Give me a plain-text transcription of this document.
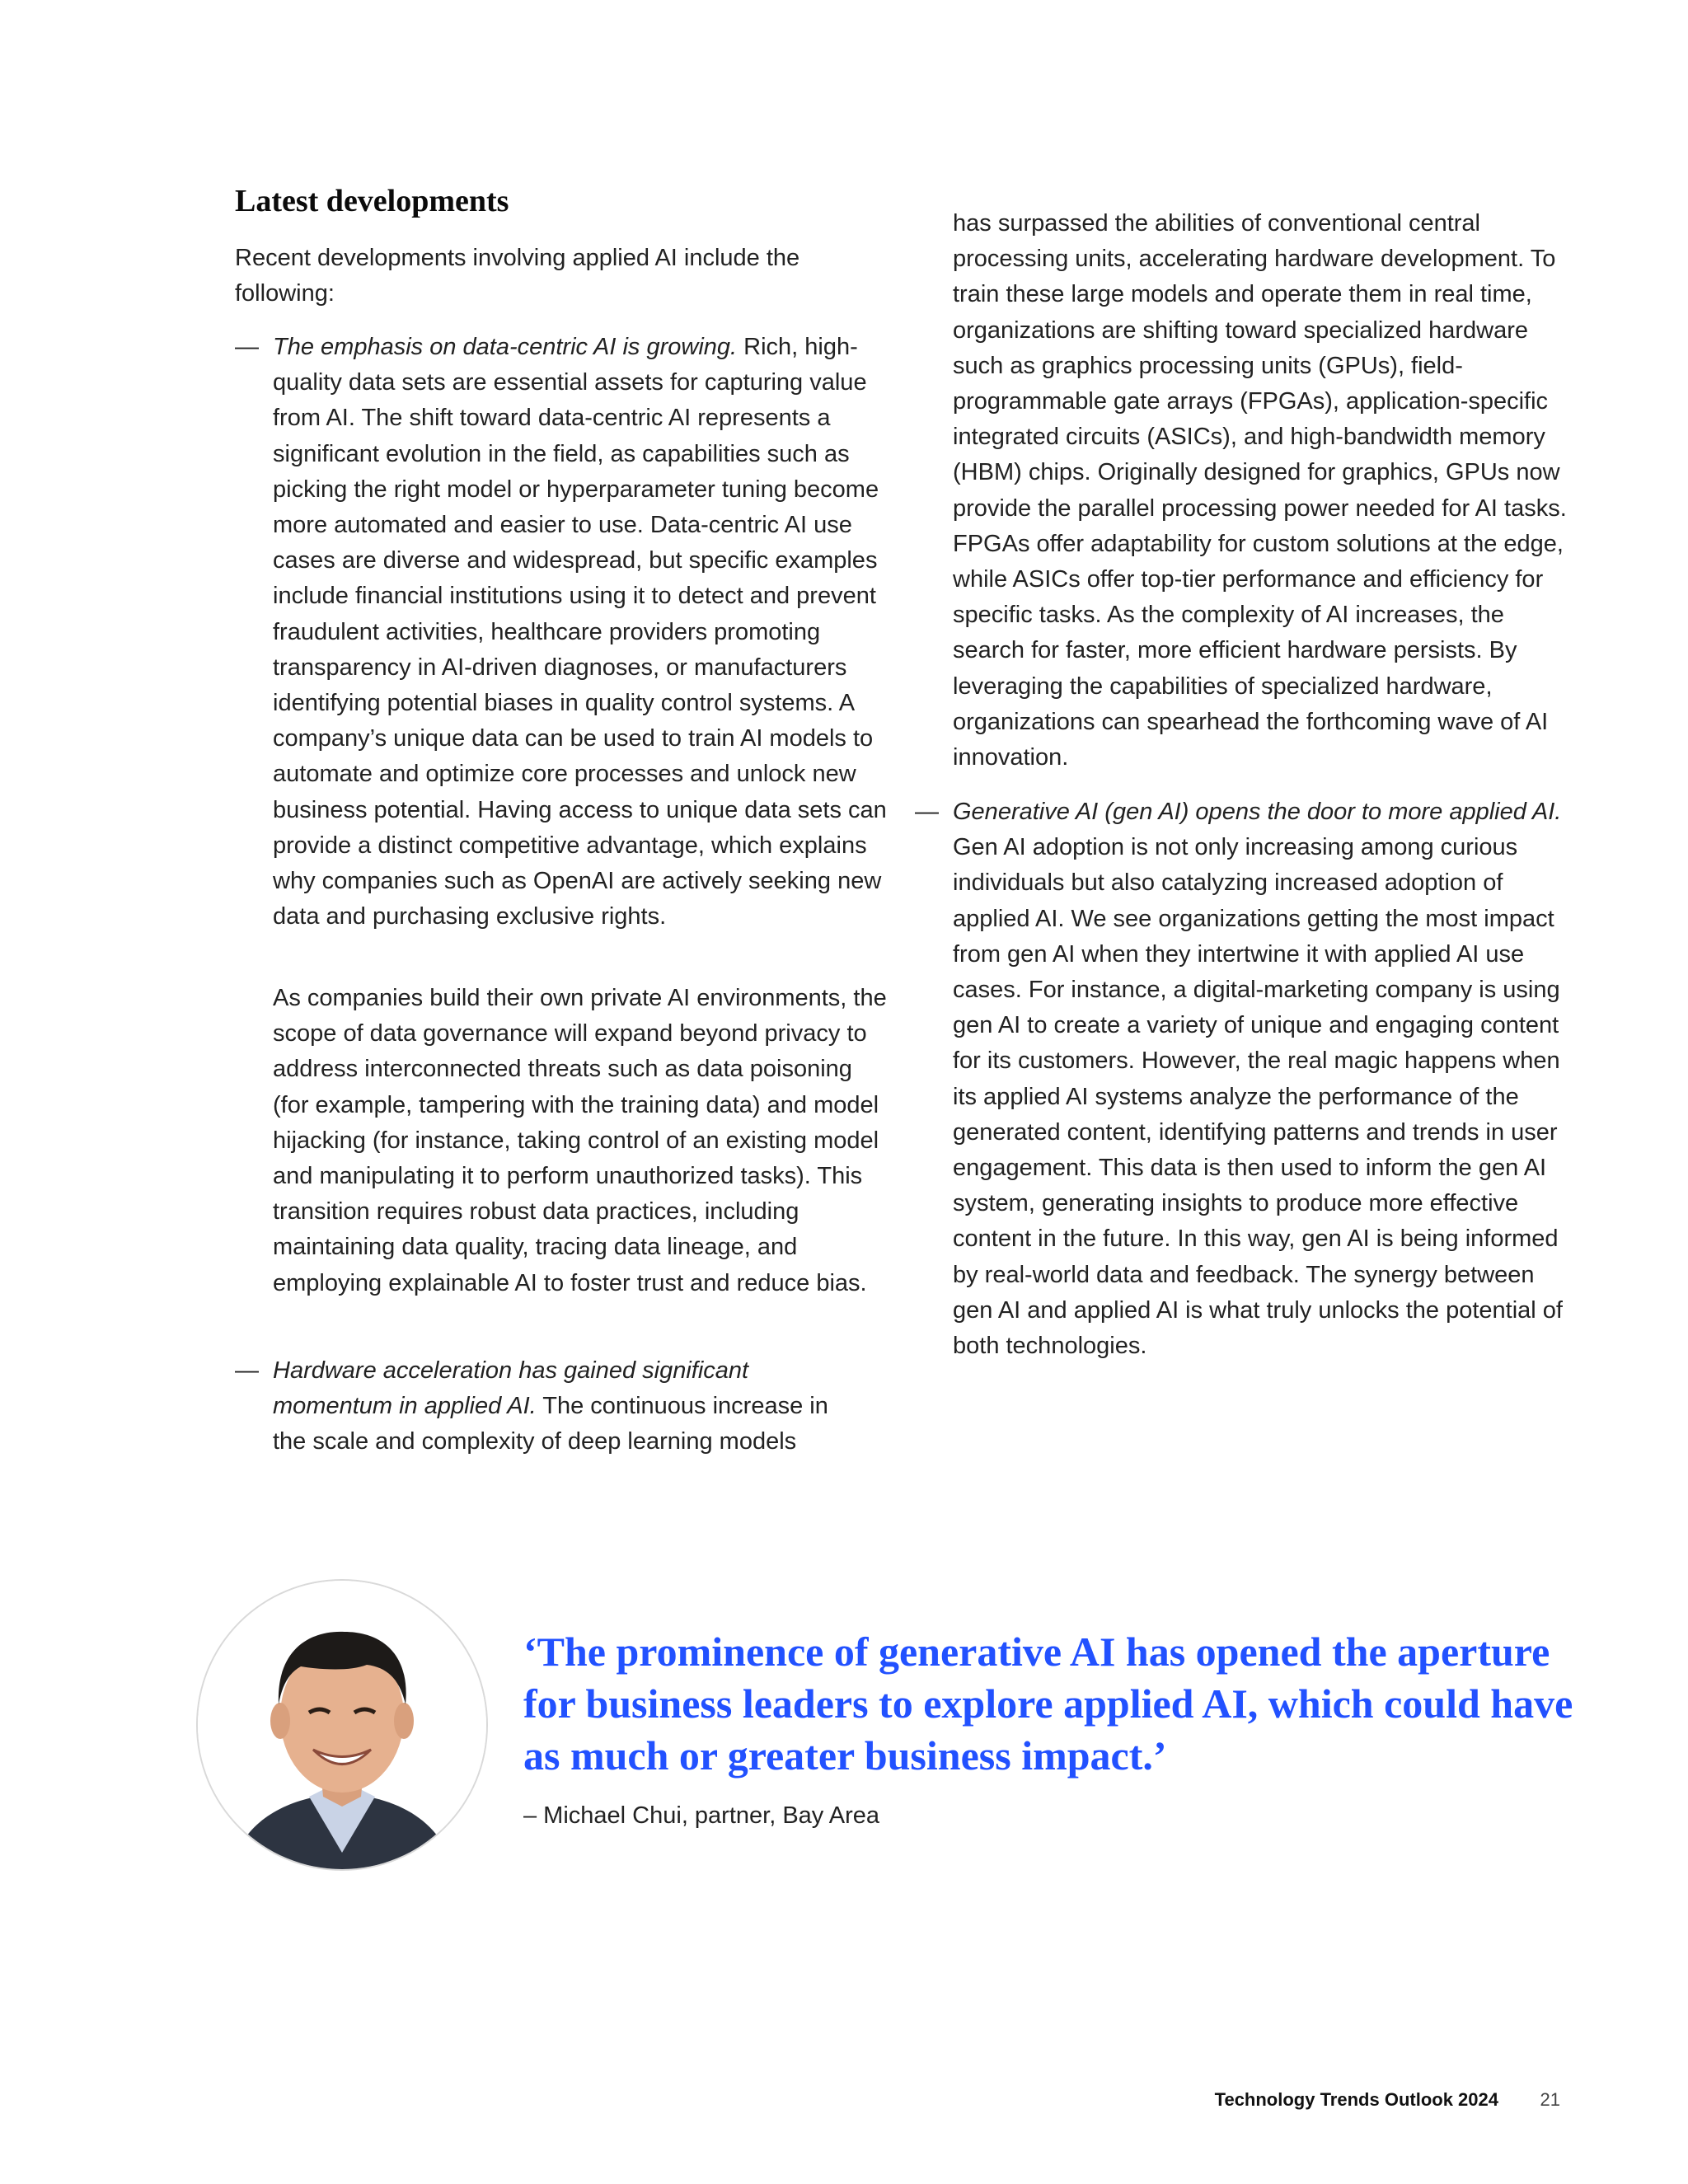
Latest developments

Recent developments involving applied AI include the following:

— The emphasis on data-centric AI is growing. Rich, high-quality data sets are essential assets for capturing value from AI. The shift toward data-centric AI represents a significant evolution in the field, as capabilities such as picking the right model or hyperparameter tuning become more automated and easier to use. Data-centric AI use cases are diverse and widespread, but specific examples include financial institutions using it to detect and prevent fraudulent activities, healthcare providers promoting transparency in AI-driven diagnoses, or manufacturers identifying potential biases in quality control systems. A company’s unique data can be used to train AI models to automate and optimize core processes and unlock new business potential. Having access to unique data sets can provide a distinct competitive advantage, which explains why companies such as OpenAI are actively seeking new data and purchasing exclusive rights.

As companies build their own private AI environments, the scope of data governance will expand beyond privacy to address interconnected threats such as data poisoning (for example, tampering with the training data) and model hijacking (for instance, taking control of an existing model and manipulating it to perform unauthorized tasks). This transition requires robust data practices, including maintaining data quality, tracing data lineage, and employing explainable AI to foster trust and reduce bias.

— Hardware acceleration has gained significant momentum in applied AI. The continuous increase in the scale and complexity of deep learning models

has surpassed the abilities of conventional central processing units, accelerating hardware development. To train these large models and operate them in real time, organizations are shifting toward specialized hardware such as graphics processing units (GPUs), field-programmable gate arrays (FPGAs), application-specific integrated circuits (ASICs), and high-bandwidth memory (HBM) chips. Originally designed for graphics, GPUs now provide the parallel processing power needed for AI tasks. FPGAs offer adaptability for custom solutions at the edge, while ASICs offer top-tier performance and efficiency for specific tasks. As the complexity of AI increases, the search for faster, more efficient hardware persists. By leveraging the capabilities of specialized hardware, organizations can spearhead the forthcoming wave of AI innovation.

— Generative AI (gen AI) opens the door to more applied AI. Gen AI adoption is not only increasing among curious individuals but also catalyzing increased adoption of applied AI. We see organizations getting the most impact from gen AI when they intertwine it with applied AI use cases. For instance, a digital-marketing company is using gen AI to create a variety of unique and engaging content for its customers. However, the real magic happens when its applied AI systems analyze the performance of the generated content, identifying patterns and trends in user engagement. This data is then used to inform the gen AI system, generating insights to produce more effective content in the future. In this way, gen AI is being informed by real-world data and feedback. The synergy between gen AI and applied AI is what truly unlocks the potential of both technologies.

‘The prominence of generative AI has opened the aperture for business leaders to explore applied AI, which could have as much or greater business impact.’

– Michael Chui, partner, Bay Area

Technology Trends Outlook 2024 21
